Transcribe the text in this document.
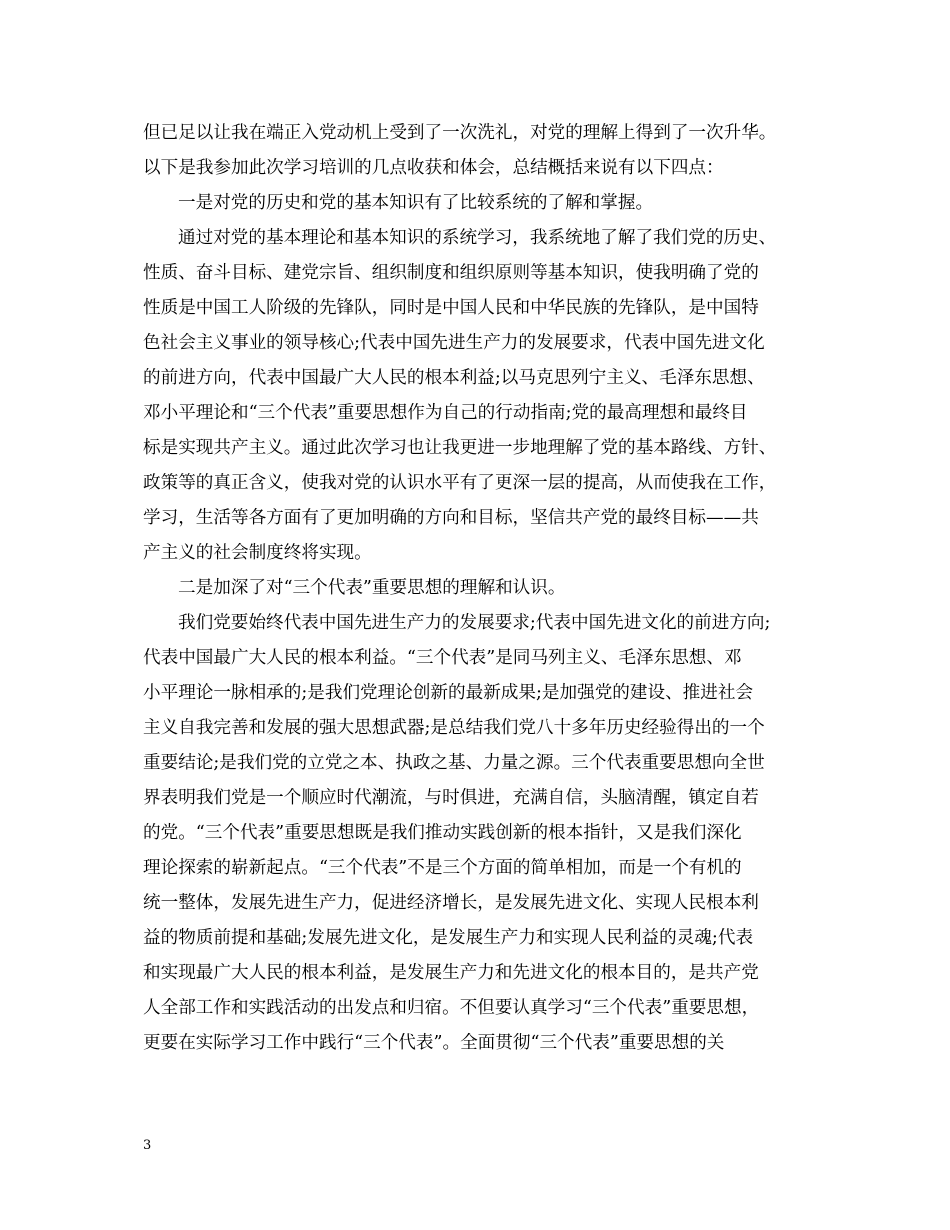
但已足以让我在端正入党动机上受到了一次洗礼，对党的理解上得到了一次升华。
以下是我参加此次学习培训的几点收获和体会，总结概括来说有以下四点：
一是对党的历史和党的基本知识有了比较系统的了解和掌握。
通过对党的基本理论和基本知识的系统学习，我系统地了解了我们党的历史、
性质、奋斗目标、建党宗旨、组织制度和组织原则等基本知识，使我明确了党的
性质是中国工人阶级的先锋队，同时是中国人民和中华民族的先锋队，是中国特
色社会主义事业的领导核心;代表中国先进生产力的发展要求，代表中国先进文化
的前进方向，代表中国最广大人民的根本利益;以马克思列宁主义、毛泽东思想、
邓小平理论和“三个代表”重要思想作为自己的行动指南;党的最高理想和最终目
标是实现共产主义。通过此次学习也让我更进一步地理解了党的基本路线、方针、
政策等的真正含义，使我对党的认识水平有了更深一层的提高，从而使我在工作，
学习，生活等各方面有了更加明确的方向和目标，坚信共产党的最终目标——共
产主义的社会制度终将实现。
二是加深了对“三个代表”重要思想的理解和认识。
我们党要始终代表中国先进生产力的发展要求;代表中国先进文化的前进方向;
代表中国最广大人民的根本利益。“三个代表”是同马列主义、毛泽东思想、邓
小平理论一脉相承的;是我们党理论创新的最新成果;是加强党的建设、推进社会
主义自我完善和发展的强大思想武器;是总结我们党八十多年历史经验得出的一个
重要结论;是我们党的立党之本、执政之基、力量之源。三个代表重要思想向全世
界表明我们党是一个顺应时代潮流，与时俱进，充满自信，头脑清醒，镇定自若
的党。“三个代表”重要思想既是我们推动实践创新的根本指针，又是我们深化
理论探索的崭新起点。“三个代表”不是三个方面的简单相加，而是一个有机的
统一整体，发展先进生产力，促进经济增长，是发展先进文化、实现人民根本利
益的物质前提和基础;发展先进文化，是发展生产力和实现人民利益的灵魂;代表
和实现最广大人民的根本利益，是发展生产力和先进文化的根本目的，是共产党
人全部工作和实践活动的出发点和归宿。不但要认真学习“三个代表”重要思想，
更要在实际学习工作中践行“三个代表”。全面贯彻“三个代表”重要思想的关
3
